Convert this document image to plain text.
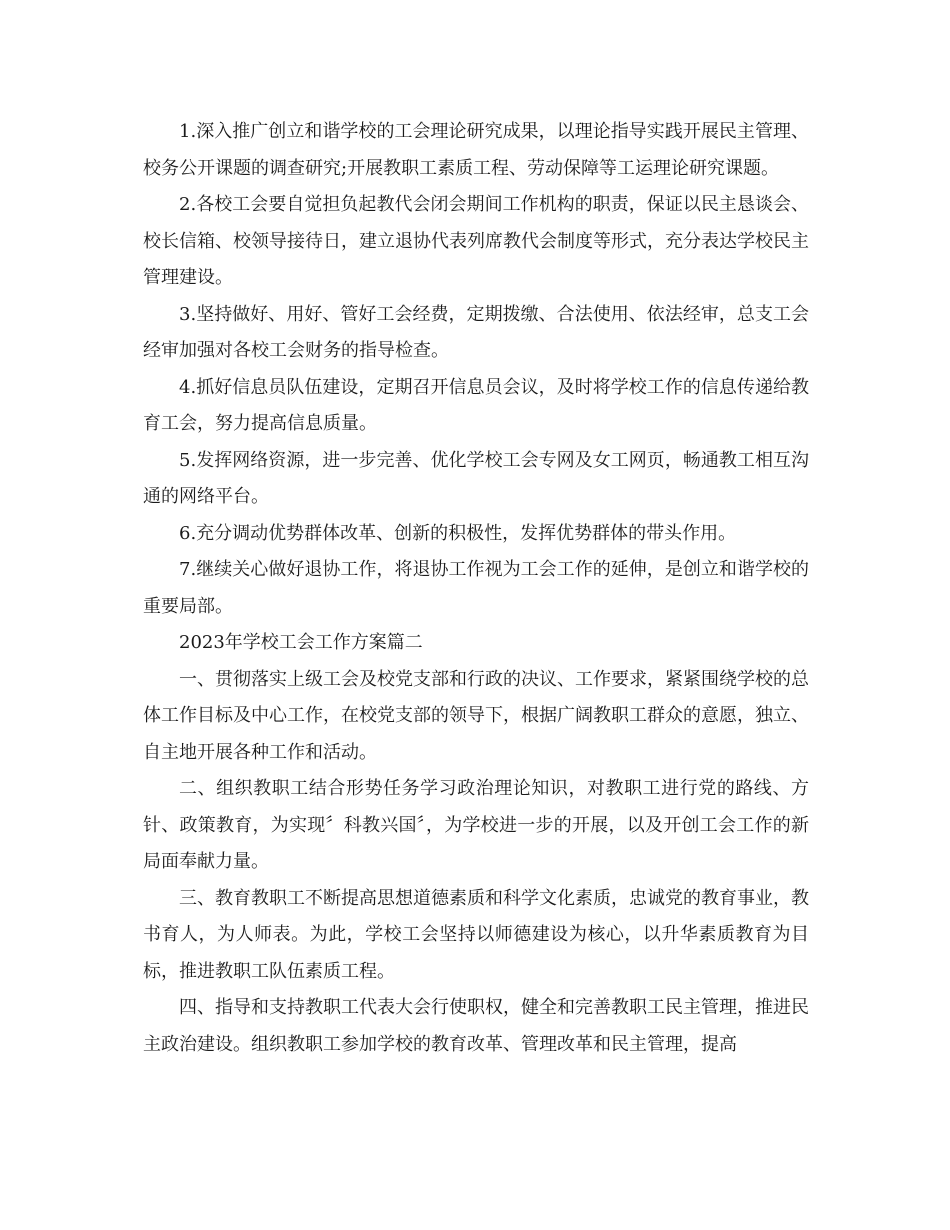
1.深入推广创立和谐学校的工会理论研究成果，以理论指导实践开展民主管理、校务公开课题的调查研究;开展教职工素质工程、劳动保障等工运理论研究课题。

2.各校工会要自觉担负起教代会闭会期间工作机构的职责，保证以民主恳谈会、校长信箱、校领导接待日，建立退协代表列席教代会制度等形式，充分表达学校民主管理建设。

3.坚持做好、用好、管好工会经费，定期拨缴、合法使用、依法经审，总支工会经审加强对各校工会财务的指导检查。

4.抓好信息员队伍建设，定期召开信息员会议，及时将学校工作的信息传递给教育工会，努力提高信息质量。

5.发挥网络资源，进一步完善、优化学校工会专网及女工网页，畅通教工相互沟通的网络平台。

6.充分调动优势群体改革、创新的积极性，发挥优势群体的带头作用。

7.继续关心做好退协工作，将退协工作视为工会工作的延伸，是创立和谐学校的重要局部。

2023年学校工会工作方案篇二

一、贯彻落实上级工会及校党支部和行政的决议、工作要求，紧紧围绕学校的总体工作目标及中心工作，在校党支部的领导下，根据广阔教职工群众的意愿，独立、自主地开展各种工作和活动。

二、组织教职工结合形势任务学习政治理论知识，对教职工进行党的路线、方针、政策教育，为实现〞科教兴国〞，为学校进一步的开展，以及开创工会工作的新局面奉献力量。

三、教育教职工不断提高思想道德素质和科学文化素质，忠诚党的教育事业，教书育人，为人师表。为此，学校工会坚持以师德建设为核心，以升华素质教育为目标，推进教职工队伍素质工程。

四、指导和支持教职工代表大会行使职权，健全和完善教职工民主管理，推进民主政治建设。组织教职工参加学校的教育改革、管理改革和民主管理，提高
